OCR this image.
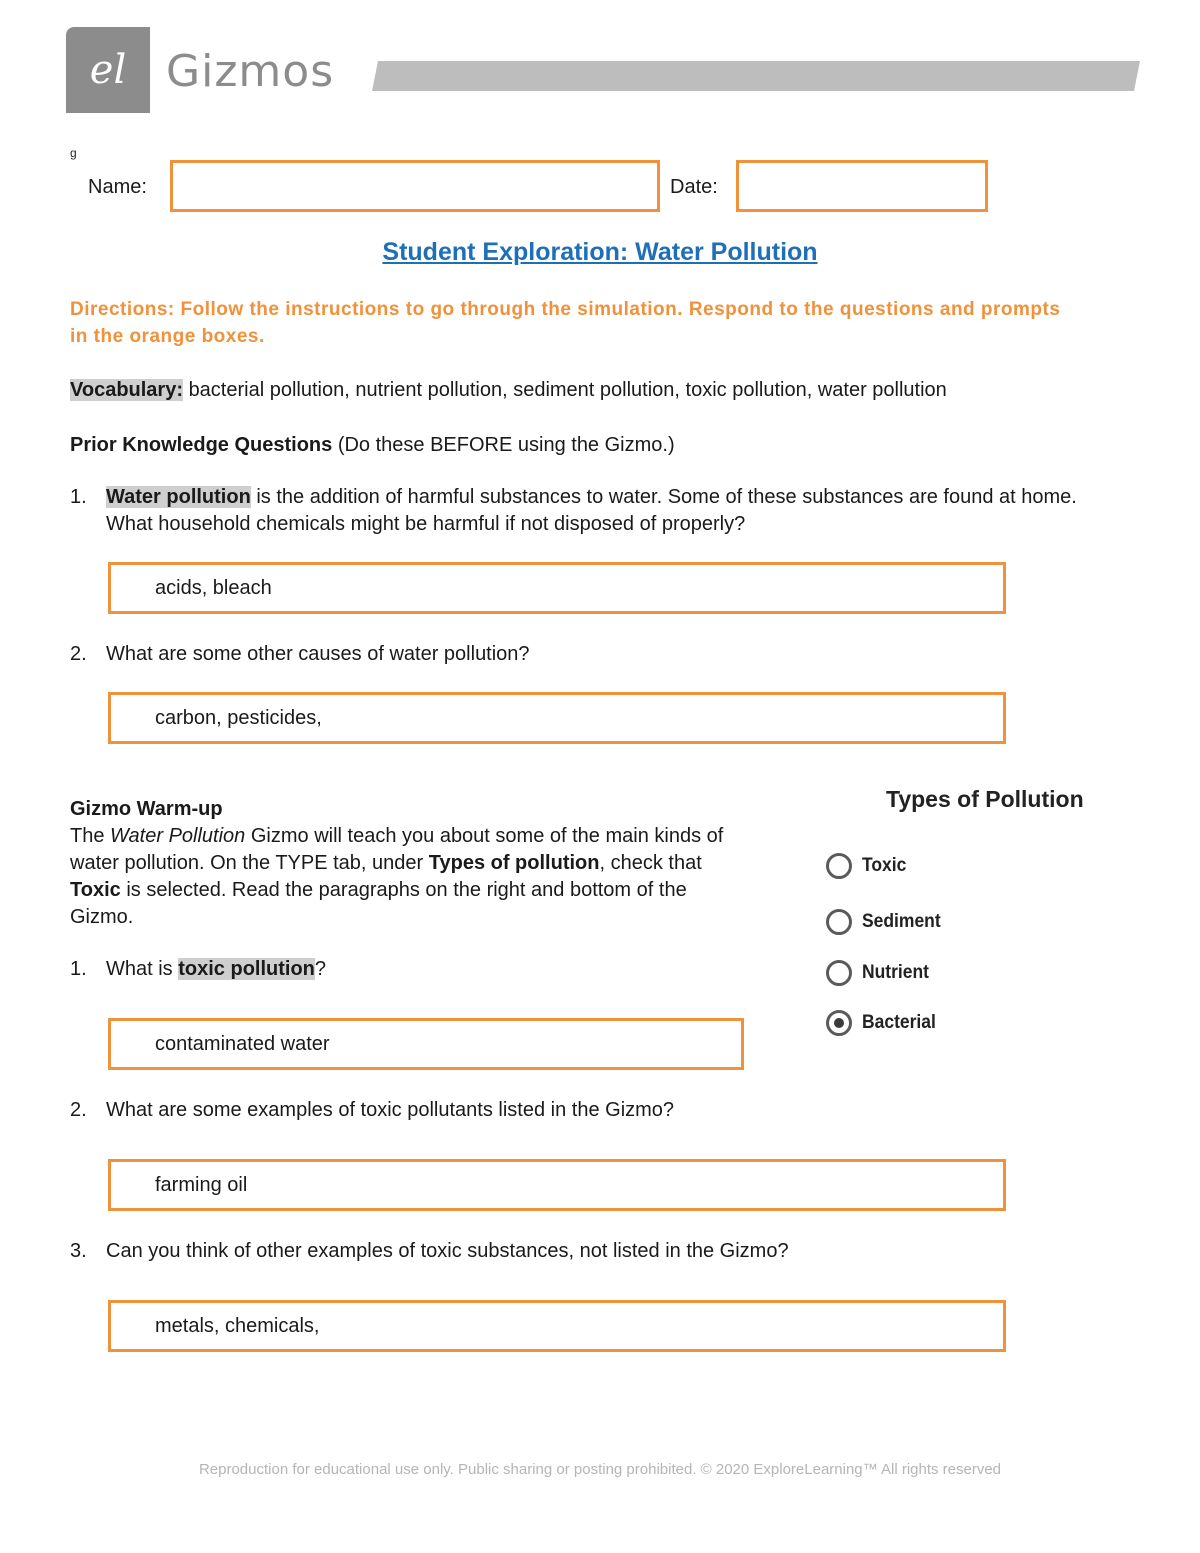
el Gizmos
g
Name:	Date:
Student Exploration: Water Pollution
Directions: Follow the instructions to go through the simulation. Respond to the questions and prompts in the orange boxes.
Vocabulary: bacterial pollution, nutrient pollution, sediment pollution, toxic pollution, water pollution
Prior Knowledge Questions (Do these BEFORE using the Gizmo.)
1. Water pollution is the addition of harmful substances to water. Some of these substances are found at home. What household chemicals might be harmful if not disposed of properly?
acids, bleach
2. What are some other causes of water pollution?
carbon, pesticides,
Gizmo Warm-up
The Water Pollution Gizmo will teach you about some of the main kinds of water pollution. On the TYPE tab, under Types of pollution, check that Toxic is selected. Read the paragraphs on the right and bottom of the Gizmo.
1. What is toxic pollution?
contaminated water
2. What are some examples of toxic pollutants listed in the Gizmo?
farming oil
3. Can you think of other examples of toxic substances, not listed in the Gizmo?
metals, chemicals,
Types of Pollution
Toxic
Sediment
Nutrient
Bacterial
Reproduction for educational use only. Public sharing or posting prohibited. © 2020 ExploreLearning™ All rights reserved
